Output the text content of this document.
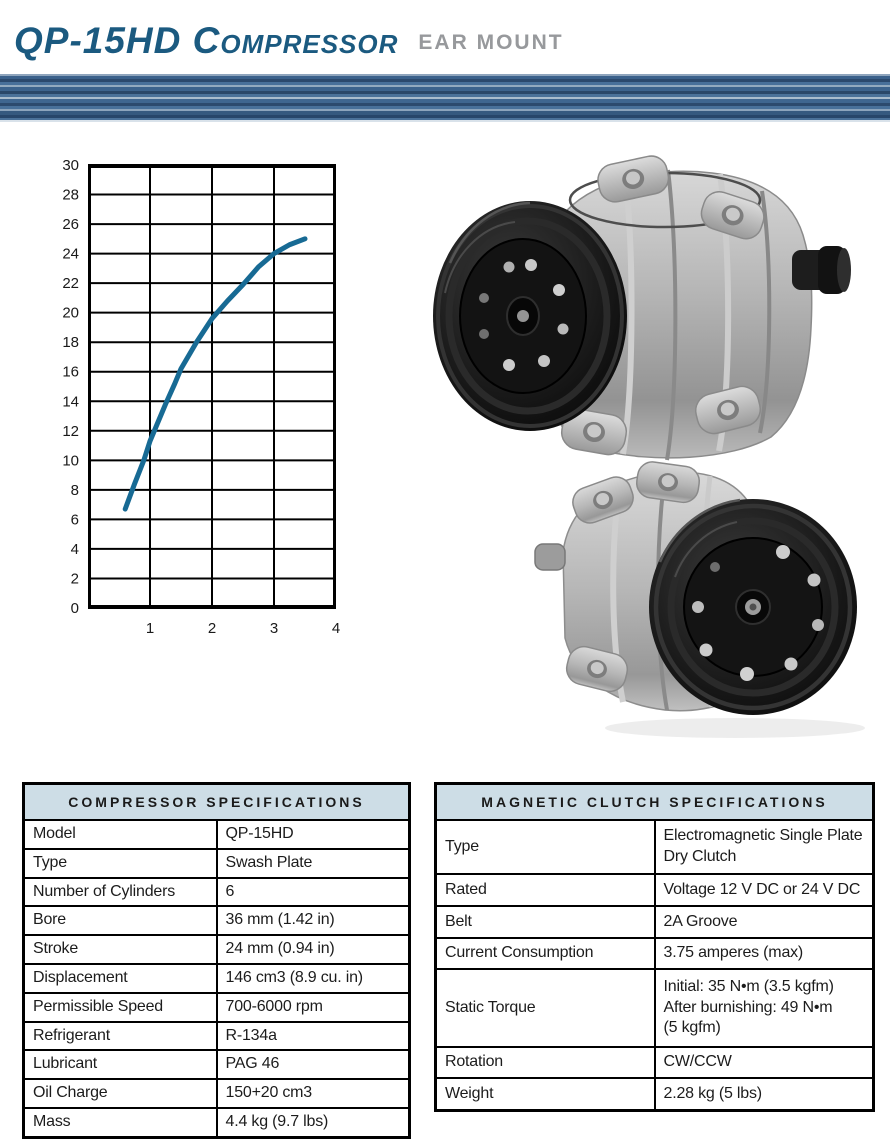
QP-15HD Compressor EAR MOUNT
0
2
4
6
8
10
12
14
16
18
20
22
24
26
28
30
1	2	3	4
COMPRESSOR SPECIFICATIONS	
Model	QP-15HD
Type	Swash Plate
Number of Cylinders	6
Bore	36 mm (1.42 in)
Stroke	24 mm (0.94 in)
Displacement	146 cm3 (8.9 cu. in)
Permissible Speed	700-6000 rpm
Refrigerant	R-134a
Lubricant	PAG 46
Oil Charge	150+20 cm3
Mass	4.4 kg (9.7 lbs)
MAGNETIC CLUTCH SPECIFICATIONS	
Type	Electromagnetic Single Plate
Dry Clutch
Rated	Voltage 12 V DC or 24 V DC
Belt	2A Groove
Current Consumption	3.75 amperes (max)
Static Torque	Initial: 35 N•m (3.5 kgfm)
After burnishing: 49 N•m
(5 kgfm)
Rotation	CW/CCW
Weight	2.28 kg (5 lbs)
